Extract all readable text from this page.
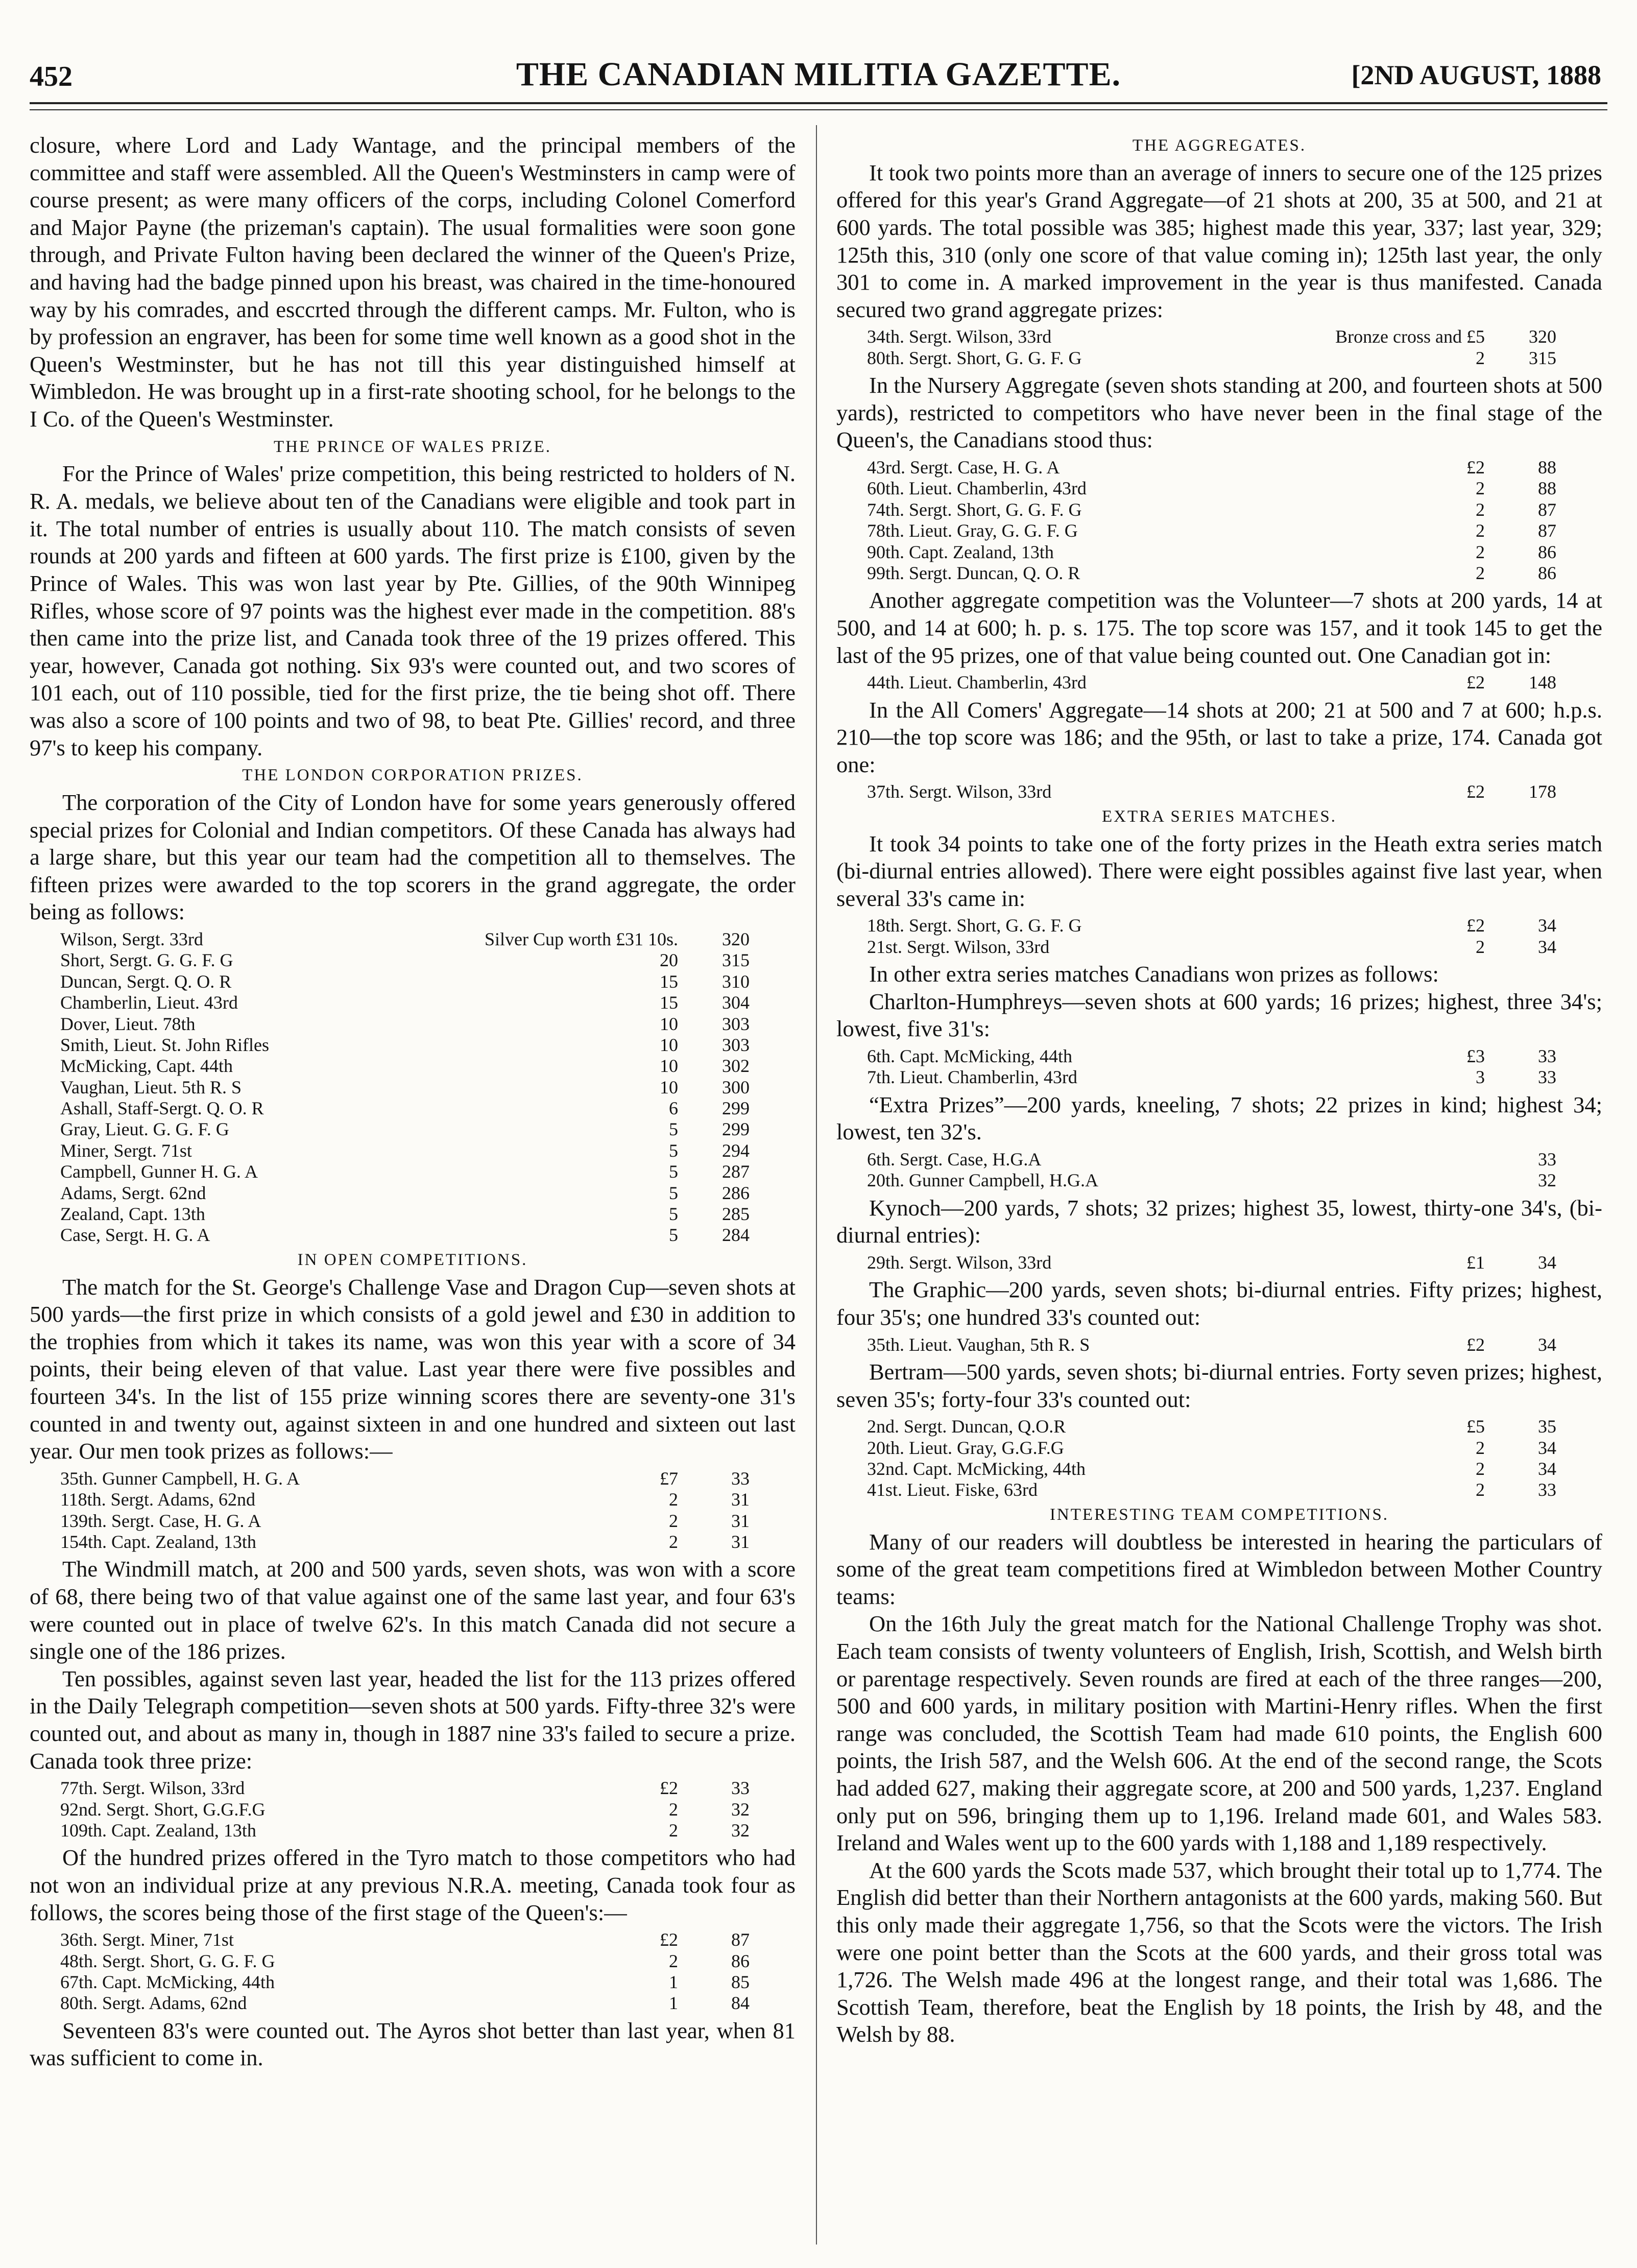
452	THE CANADIAN MILITIA GAZETTE.	[2ND AUGUST, 1888

closure, where Lord and Lady Wantage, and the principal members of the committee and staff were assembled. All the Queen's Westminsters in camp were of course present; as were many officers of the corps, including Colonel Comerford and Major Payne (the prizeman's captain). The usual formalities were soon gone through, and Private Fulton having been declared the winner of the Queen's Prize, and having had the badge pinned upon his breast, was chaired in the time-honoured way by his comrades, and esccrted through the different camps. Mr. Fulton, who is by profession an engraver, has been for some time well known as a good shot in the Queen's Westminster, but he has not till this year distinguished himself at Wimbledon. He was brought up in a first-rate shooting school, for he belongs to the I Co. of the Queen's Westminster.

THE PRINCE OF WALES PRIZE.

For the Prince of Wales' prize competition, this being restricted to holders of N. R. A. medals, we believe about ten of the Canadians were eligible and took part in it. The total number of entries is usually about 110. The match consists of seven rounds at 200 yards and fifteen at 600 yards. The first prize is £100, given by the Prince of Wales. This was won last year by Pte. Gillies, of the 90th Winnipeg Rifles, whose score of 97 points was the highest ever made in the competition. 88's then came into the prize list, and Canada took three of the 19 prizes offered. This year, however, Canada got nothing. Six 93's were counted out, and two scores of 101 each, out of 110 possible, tied for the first prize, the tie being shot off. There was also a score of 100 points and two of 98, to beat Pte. Gillies' record, and three 97's to keep his company.

THE LONDON CORPORATION PRIZES.

The corporation of the City of London have for some years generously offered special prizes for Colonial and Indian competitors. Of these Canada has always had a large share, but this year our team had the competition all to themselves. The fifteen prizes were awarded to the top scorers in the grand aggregate, the order being as follows:

Wilson, Sergt. 33rd	Silver Cup worth £31 10s.	320
Short, Sergt. G. G. F. G	20	315
Duncan, Sergt. Q. O. R	15	310
Chamberlin, Lieut. 43rd	15	304
Dover, Lieut. 78th	10	303
Smith, Lieut. St. John Rifles	10	303
McMicking, Capt. 44th	10	302
Vaughan, Lieut. 5th R. S	10	300
Ashall, Staff-Sergt. Q. O. R	6	299
Gray, Lieut. G. G. F. G	5	299
Miner, Sergt. 71st	5	294
Campbell, Gunner H. G. A	5	287
Adams, Sergt. 62nd	5	286
Zealand, Capt. 13th	5	285
Case, Sergt. H. G. A	5	284
IN OPEN COMPETITIONS.

The match for the St. George's Challenge Vase and Dragon Cup—seven shots at 500 yards—the first prize in which consists of a gold jewel and £30 in addition to the trophies from which it takes its name, was won this year with a score of 34 points, their being eleven of that value. Last year there were five possibles and fourteen 34's. In the list of 155 prize winning scores there are seventy-one 31's counted in and twenty out, against sixteen in and one hundred and sixteen out last year. Our men took prizes as follows:—

35th. Gunner Campbell, H. G. A	£7	33
118th. Sergt. Adams, 62nd	2	31
139th. Sergt. Case, H. G. A	2	31
154th. Capt. Zealand, 13th	2	31

The Windmill match, at 200 and 500 yards, seven shots, was won with a score of 68, there being two of that value against one of the same last year, and four 63's were counted out in place of twelve 62's. In this match Canada did not secure a single one of the 186 prizes.

Ten possibles, against seven last year, headed the list for the 113 prizes offered in the Daily Telegraph competition—seven shots at 500 yards. Fifty-three 32's were counted out, and about as many in, though in 1887 nine 33's failed to secure a prize. Canada took three prize:

77th. Sergt. Wilson, 33rd	£2	33
92nd. Sergt. Short, G.G.F.G	2	32
109th. Capt. Zealand, 13th	2	32

Of the hundred prizes offered in the Tyro match to those competitors who had not won an individual prize at any previous N.R.A. meeting, Canada took four as follows, the scores being those of the first stage of the Queen's:—

36th. Sergt. Miner, 71st	£2	87
48th. Sergt. Short, G. G. F. G	2	86
67th. Capt. McMicking, 44th	1	85
80th. Sergt. Adams, 62nd	1	84

Seventeen 83's were counted out. The Ayros shot better than last year, when 81 was sufficient to come in.

THE AGGREGATES.

It took two points more than an average of inners to secure one of the 125 prizes offered for this year's Grand Aggregate—of 21 shots at 200, 35 at 500, and 21 at 600 yards. The total possible was 385; highest made this year, 337; last year, 329; 125th this, 310 (only one score of that value coming in); 125th last year, the only 301 to come in. A marked improvement in the year is thus manifested. Canada secured two grand aggregate prizes:

34th. Sergt. Wilson, 33rd	Bronze cross and £5	320
80th. Sergt. Short, G. G. F. G	2	315

In the Nursery Aggregate (seven shots standing at 200, and fourteen shots at 500 yards), restricted to competitors who have never been in the final stage of the Queen's, the Canadians stood thus:

43rd. Sergt. Case, H. G. A	£2	88
60th. Lieut. Chamberlin, 43rd	2	88
74th. Sergt. Short, G. G. F. G	2	87
78th. Lieut. Gray, G. G. F. G	2	87
90th. Capt. Zealand, 13th	2	86
99th. Sergt. Duncan, Q. O. R	2	86

Another aggregate competition was the Volunteer—7 shots at 200 yards, 14 at 500, and 14 at 600; h. p. s. 175. The top score was 157, and it took 145 to get the last of the 95 prizes, one of that value being counted out. One Canadian got in:

44th. Lieut. Chamberlin, 43rd	£2	148

In the All Comers' Aggregate—14 shots at 200; 21 at 500 and 7 at 600; h.p.s. 210—the top score was 186; and the 95th, or last to take a prize, 174. Canada got one:

37th. Sergt. Wilson, 33rd	£2	178
EXTRA SERIES MATCHES.

It took 34 points to take one of the forty prizes in the Heath extra series match (bi-diurnal entries allowed). There were eight possibles against five last year, when several 33's came in:

18th. Sergt. Short, G. G. F. G	£2	34
21st. Sergt. Wilson, 33rd	2	34

In other extra series matches Canadians won prizes as follows:

Charlton-Humphreys—seven shots at 600 yards; 16 prizes; highest, three 34's; lowest, five 31's:

6th. Capt. McMicking, 44th	£3	33
7th. Lieut. Chamberlin, 43rd	3	33

“Extra Prizes”—200 yards, kneeling, 7 shots; 22 prizes in kind; highest 34; lowest, ten 32's.

6th. Sergt. Case, H.G.A		33
20th. Gunner Campbell, H.G.A		32

Kynoch—200 yards, 7 shots; 32 prizes; highest 35, lowest, thirty-one 34's, (bi-diurnal entries):

29th. Sergt. Wilson, 33rd	£1	34

The Graphic—200 yards, seven shots; bi-diurnal entries. Fifty prizes; highest, four 35's; one hundred 33's counted out:

35th. Lieut. Vaughan, 5th R. S	£2	34

Bertram—500 yards, seven shots; bi-diurnal entries. Forty seven prizes; highest, seven 35's; forty-four 33's counted out:

2nd. Sergt. Duncan, Q.O.R	£5	35
20th. Lieut. Gray, G.G.F.G	2	34
32nd. Capt. McMicking, 44th	2	34
41st. Lieut. Fiske, 63rd	2	33
INTERESTING TEAM COMPETITIONS.

Many of our readers will doubtless be interested in hearing the particulars of some of the great team competitions fired at Wimbledon between Mother Country teams:

On the 16th July the great match for the National Challenge Trophy was shot. Each team consists of twenty volunteers of English, Irish, Scottish, and Welsh birth or parentage respectively. Seven rounds are fired at each of the three ranges—200, 500 and 600 yards, in military position with Martini-Henry rifles. When the first range was concluded, the Scottish Team had made 610 points, the English 600 points, the Irish 587, and the Welsh 606. At the end of the second range, the Scots had added 627, making their aggregate score, at 200 and 500 yards, 1,237. England only put on 596, bringing them up to 1,196. Ireland made 601, and Wales 583. Ireland and Wales went up to the 600 yards with 1,188 and 1,189 respectively.

At the 600 yards the Scots made 537, which brought their total up to 1,774. The English did better than their Northern antagonists at the 600 yards, making 560. But this only made their aggregate 1,756, so that the Scots were the victors. The Irish were one point better than the Scots at the 600 yards, and their gross total was 1,726. The Welsh made 496 at the longest range, and their total was 1,686. The Scottish Team, therefore, beat the English by 18 points, the Irish by 48, and the Welsh by 88.
